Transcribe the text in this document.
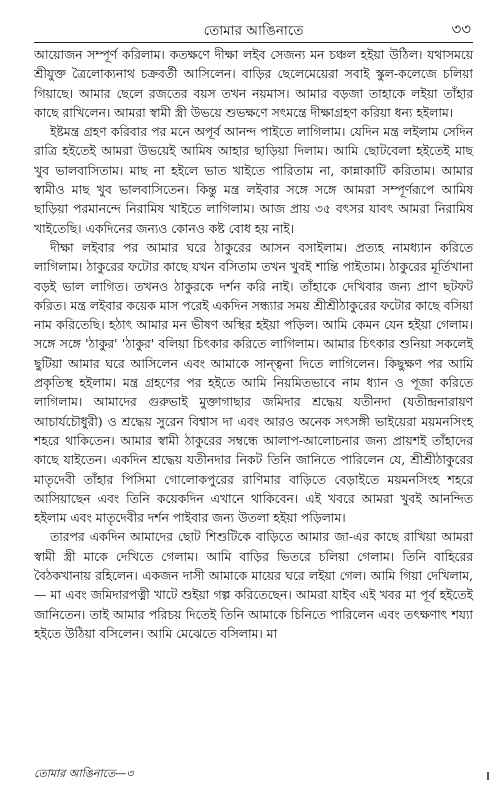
তোমার আঙিনাতে	৩৩

আয়োজন সম্পূর্ণ করিলাম। কতক্ষণে দীক্ষা লইব সেজন্য মন চঞ্চল হইয়া উঠিল। যথাসময়ে শ্রীযুক্ত ত্রৈলোক্যনাথ চক্রবর্তী আসিলেন। বাড়ির ছেলেমেয়েরা সবাই স্কুল-কলেজে চলিয়া গিয়াছে। আমার ছেলে রজতের বয়স তখন নয়মাস। আমার বড়জা তাহাকে লইয়া তাঁহার কাছে রাখিলেন। আমরা স্বামী স্ত্রী উভয়ে শুভক্ষণে সৎমন্ত্রে দীক্ষাগ্রহণ করিয়া ধন্য হইলাম।

ইষ্টমন্ত্র গ্রহণ করিবার পর মনে অপূর্ব আনন্দ পাইতে লাগিলাম। যেদিন মন্ত্র লইলাম সেদিন রাত্রি হইতেই আমরা উভয়েই আমিষ আহার ছাড়িয়া দিলাম। আমি ছোটবেলা হইতেই মাছ খুব ভালবাসিতাম। মাছ না হইলে ভাত খাইতে পারিতাম না, কান্নাকাটি করিতাম। আমার স্বামীও মাছ খুব ভালবাসিতেন। কিন্তু মন্ত্র লইবার সঙ্গে সঙ্গে আমরা সম্পূর্ণরূপে আমিষ ছাড়িয়া পরমানন্দে নিরামিষ খাইতে লাগিলাম। আজ প্রায় ৩৫ বৎসর যাবৎ আমরা নিরামিষ খাইতেছি। একদিনের জন্যও কোনও কষ্ট বোধ হয় নাই।

দীক্ষা লইবার পর আমার ঘরে ঠাকুরের আসন বসাইলাম। প্রত্যহ নামধ্যান করিতে লাগিলাম। ঠাকুরের ফটোর কাছে যখন বসিতাম তখন খুবই শান্তি পাইতাম। ঠাকুরের মূর্তিখানা বড়ই ভাল লাগিত। তখনও ঠাকুরকে দর্শন করি নাই। তাঁহাকে দেখিবার জন্য প্রাণ ছটফট করিত। মন্ত্র লইবার কয়েক মাস পরেই একদিন সন্ধ্যার সময় শ্রীশ্রীঠাকুরের ফটোর কাছে বসিয়া নাম করিতেছি। হঠাৎ আমার মন ভীষণ অস্থির হইয়া পড়িল। আমি কেমন যেন হইয়া গেলাম। সঙ্গে সঙ্গে 'ঠাকুর' 'ঠাকুর' বলিয়া চিৎকার করিতে লাগিলাম। আমার চিৎকার শুনিয়া সকলেই ছুটিয়া আমার ঘরে আসিলেন এবং আমাকে সান্ত্বনা দিতে লাগিলেন। কিছুক্ষণ পর আমি প্রকৃতিস্থ হইলাম। মন্ত্র গ্রহণের পর হইতে আমি নিয়মিতভাবে নাম ধ্যান ও পূজা করিতে লাগিলাম। আমাদের গুরুভাই মুক্তাগাছার জমিদার শ্রদ্ধেয় যতীনদা (যতীন্দ্রনারায়ণ আচার্যচৌধুরী) ও শ্রদ্ধেয় সুরেন বিশ্বাস দা এবং আরও অনেক সৎসঙ্গী ভাইয়েরা ময়মনসিংহ শহরে থাকিতেন। আমার স্বামী ঠাকুরের সম্বন্ধে আলাপ-আলোচনার জন্য প্রায়শই তাঁহাদের কাছে যাইতেন। একদিন শ্রদ্ধেয় যতীনদার নিকট তিনি জানিতে পারিলেন যে, শ্রীশ্রীঠাকুরের মাতৃদেবী তাঁহার পিসিমা গোলোকপুরের রাণিমার বাড়িতে বেড়াইতে ময়মনসিংহ শহরে আসিয়াছেন এবং তিনি কয়েকদিন এখানে থাকিবেন। এই খবরে আমরা খুবই আনন্দিত হইলাম এবং মাতৃদেবীর দর্শন পাইবার জন্য উতলা হইয়া পড়িলাম।

তারপর একদিন আমাদের ছোট শিশুটিকে বাড়িতে আমার জা-এর কাছে রাখিয়া আমরা স্বামী স্ত্রী মাকে দেখিতে গেলাম। আমি বাড়ির ভিতরে চলিয়া গেলাম। তিনি বাহিরের বৈঠকখানায় রহিলেন। একজন দাসী আমাকে মায়ের ঘরে লইয়া গেল। আমি গিয়া দেখিলাম,— মা এবং জমিদারপত্নী খাটে শুইয়া গল্প করিতেছেন। আমরা যাইব এই খবর মা পূর্ব হইতেই জানিতেন। তাই আমার পরিচয় দিতেই তিনি আমাকে চিনিতে পারিলেন এবং তৎক্ষণাৎ শয্যা হইতে উঠিয়া বসিলেন। আমি মেঝেতে বসিলাম। মা

তোমার আঙিনাতে—৩
